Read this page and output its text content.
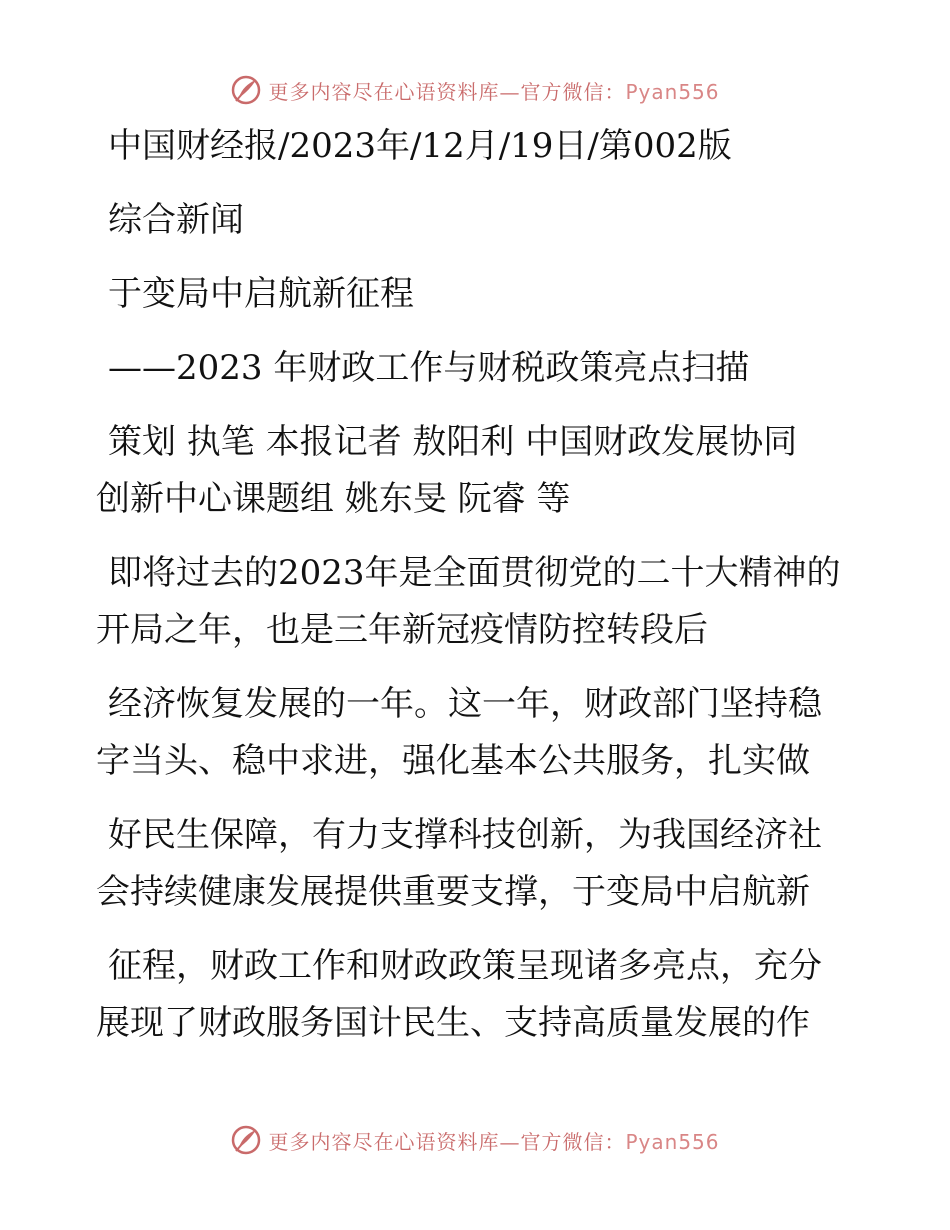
更多内容尽在心语资料库—官方微信：Pyan556
中国财经报/2023年/12月/19日/第002版
综合新闻
于变局中启航新征程
——2023 年财政工作与财税政策亮点扫描
策划 执笔 本报记者 敖阳利 中国财政发展协同
创新中心课题组 姚东旻 阮睿 等
即将过去的2023年是全面贯彻党的二十大精神的
开局之年，也是三年新冠疫情防控转段后
经济恢复发展的一年。这一年，财政部门坚持稳
字当头、稳中求进，强化基本公共服务，扎实做
好民生保障，有力支撑科技创新，为我国经济社
会持续健康发展提供重要支撑，于变局中启航新
征程，财政工作和财政政策呈现诸多亮点，充分
展现了财政服务国计民生、支持高质量发展的作
更多内容尽在心语资料库—官方微信：Pyan556
